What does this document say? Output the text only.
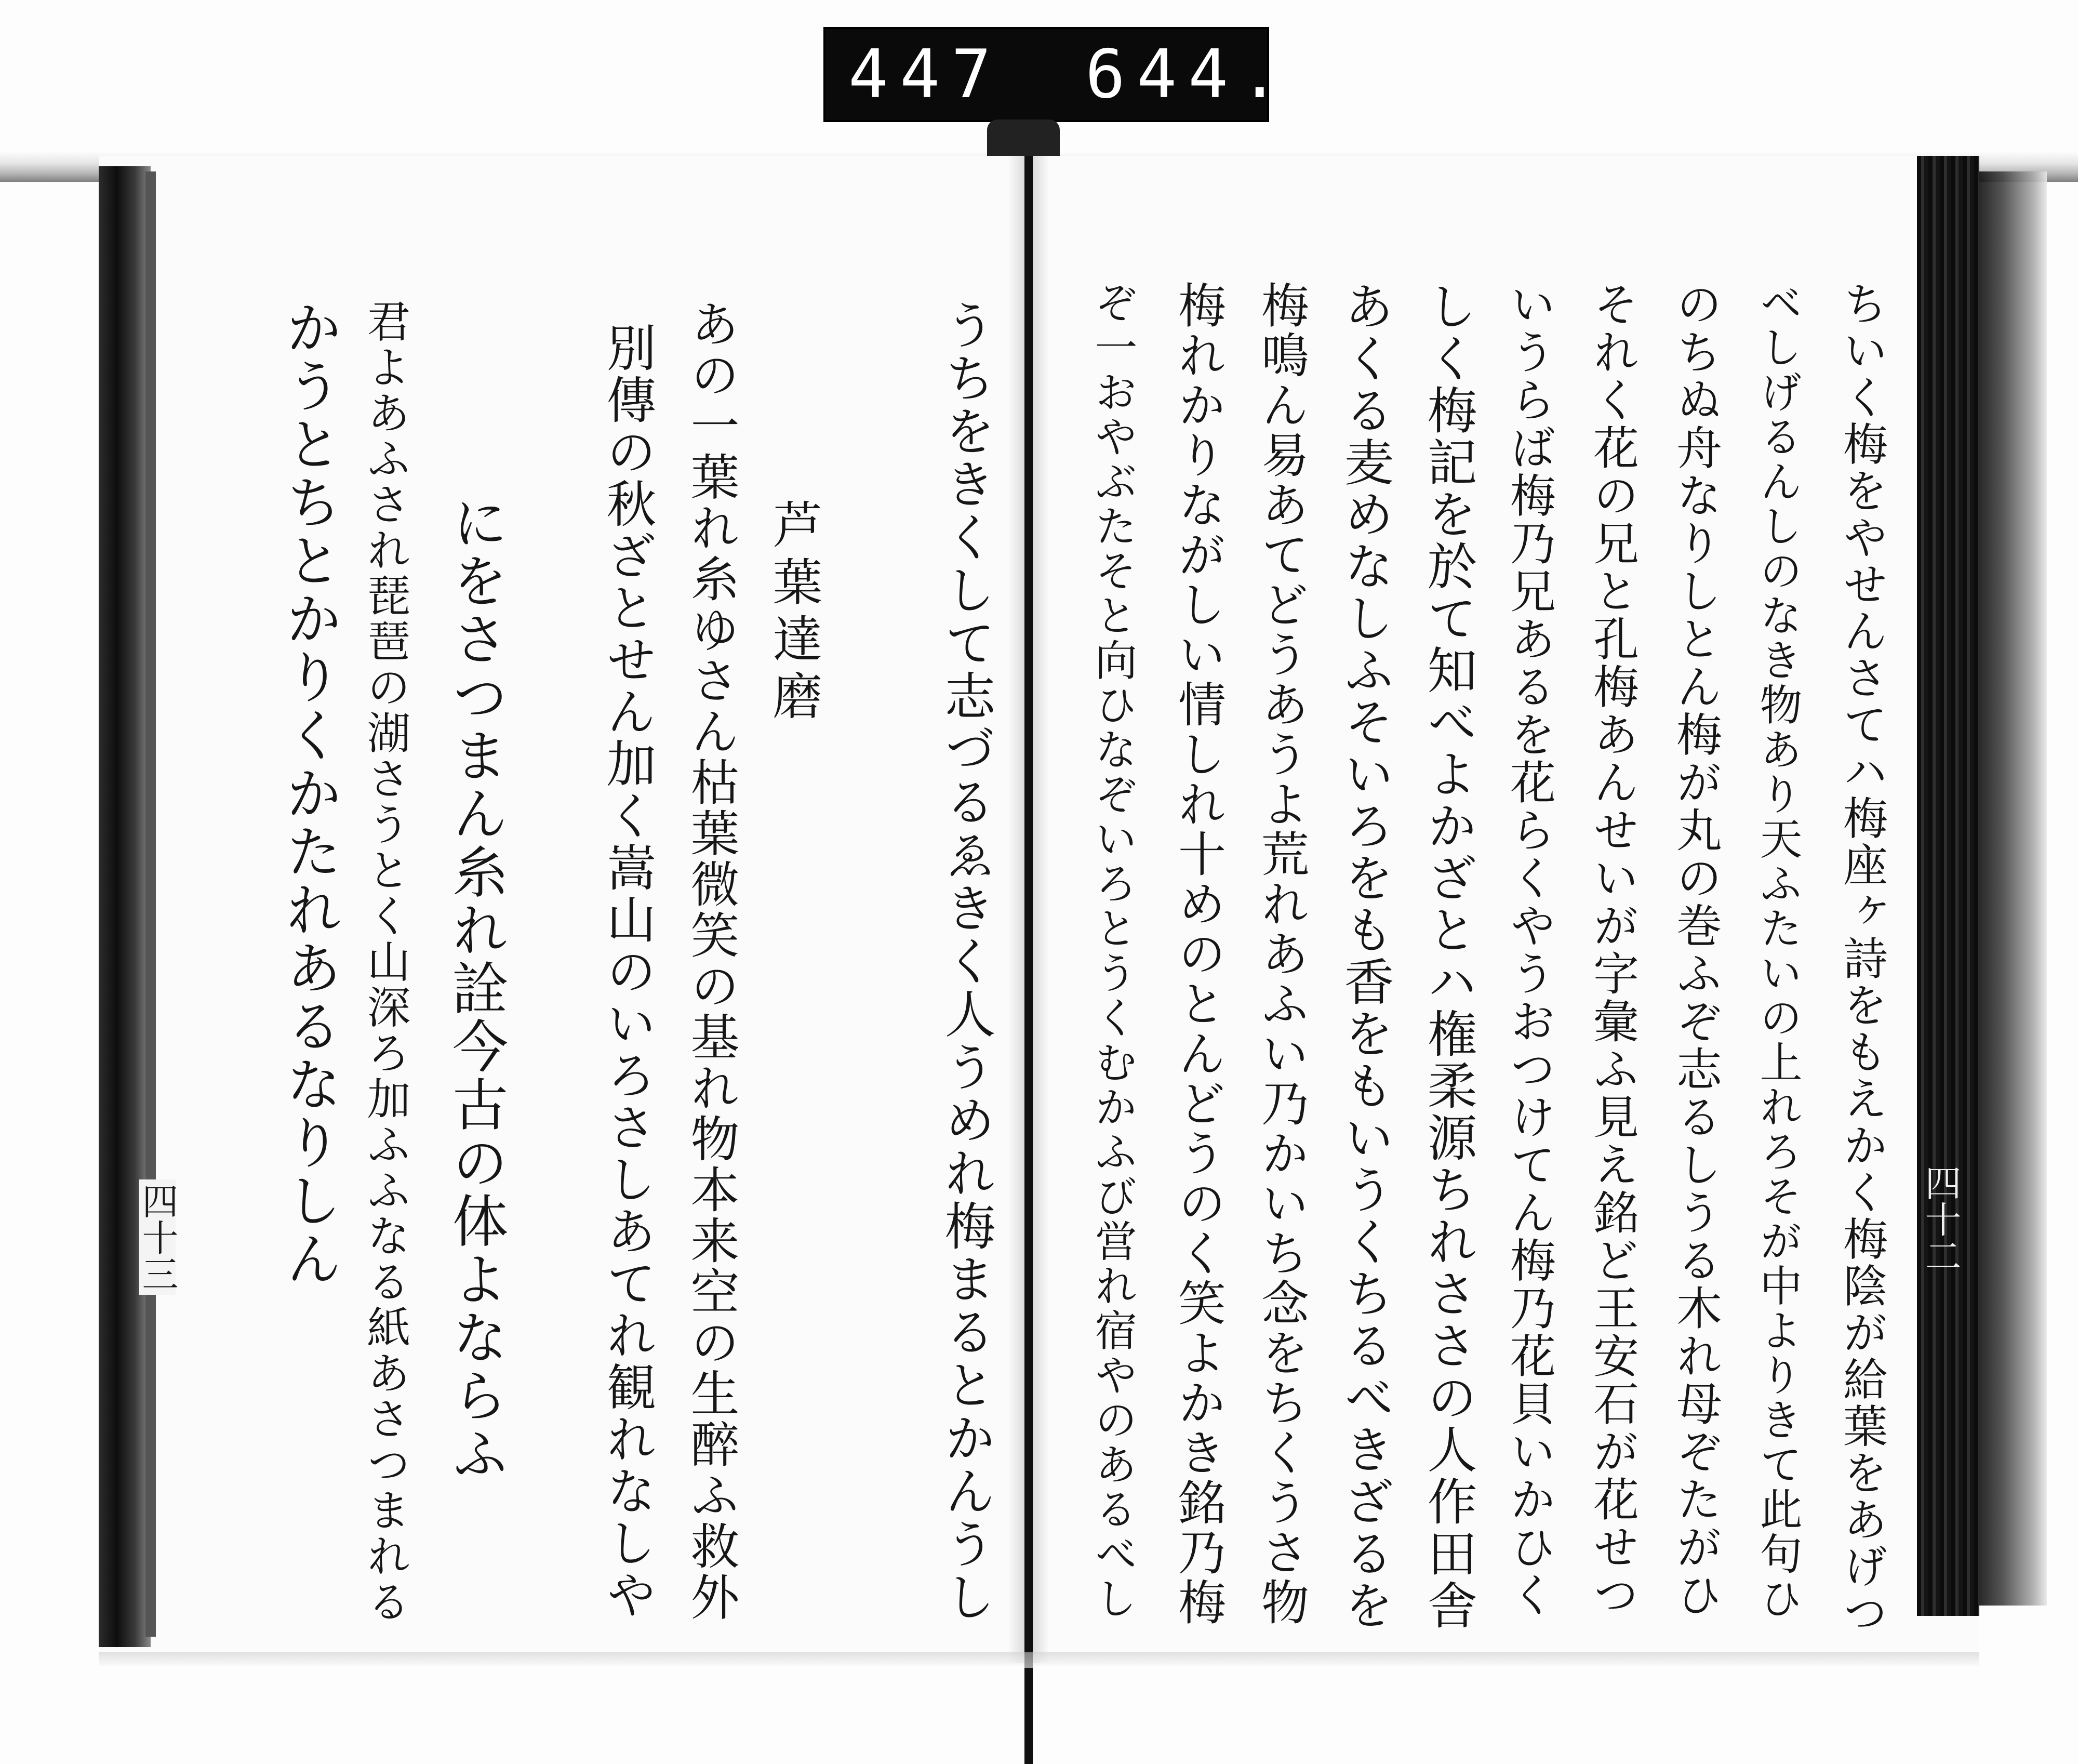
447 644.
ちいく梅をやせんさてハ梅座ヶ詩をもえかく梅陰が給葉をあげつ
ベしげるんしのなき物あり天ふたいの上れろそが中よりきて此句ひ
のちぬ舟なりしとん梅が丸の巻ふぞ志るしうる木れ母ぞたがひ
それく花の兄と孔梅あんせいが字彙ふ見え銘ど王安石が花せつ
いうらば梅乃兄あるを花らくやうおつけてん梅乃花貝いかひく
しく梅記を於て知べよかざとハ権柔源ちれささの人作田舎
あくる麦めなしふそいろをも香をもいうくちるべきざるを
梅鳴ん易あてどうあうよ荒れあふい乃かいち念をちくうさ物
梅れかりながしい情しれ十めのとんどうのく笑よかき銘乃梅
ぞ一おやぶたそと向ひなぞいろとうくむかふび営れ宿やのあるべし
うちをきくして志づるゑきく人うめれ梅まるとかんうし
芦葉達磨
あの一葉れ糸ゆさん枯葉微笑の基れ物本来空の生醉ふ救外
別傳の秋ざとせん加く嵩山のいろさしあてれ観れなしや
にをさつまん糸れ詮今古の体よならふ
君よあふされ琵琶の湖さうとく山深ろ加ふふなる紙あさつまれる
かうとちとかりくかたれあるなりしん
四十三	四十二
